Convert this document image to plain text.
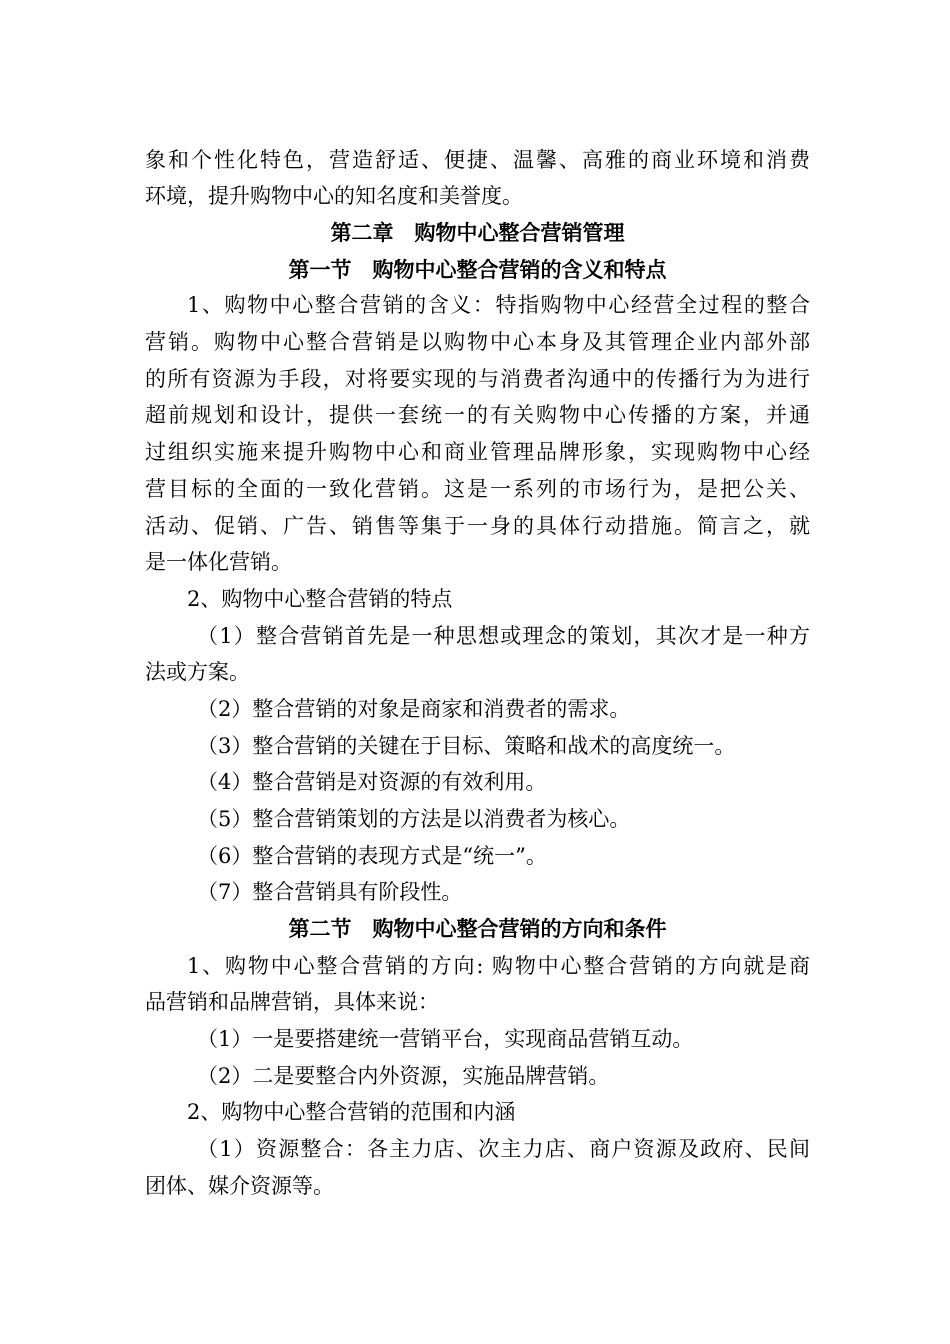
象和个性化特色，营造舒适、便捷、温馨、高雅的商业环境和消费
环境，提升购物中心的知名度和美誉度。
第二章　购物中心整合营销管理
第一节　购物中心整合营销的含义和特点
1、购物中心整合营销的含义：特指购物中心经营全过程的整合
营销。购物中心整合营销是以购物中心本身及其管理企业内部外部
的所有资源为手段，对将要实现的与消费者沟通中的传播行为为进行
超前规划和设计，提供一套统一的有关购物中心传播的方案，并通
过组织实施来提升购物中心和商业管理品牌形象，实现购物中心经
营目标的全面的一致化营销。这是一系列的市场行为，是把公关、
活动、促销、广告、销售等集于一身的具体行动措施。简言之，就
是一体化营销。
2、购物中心整合营销的特点
（1）整合营销首先是一种思想或理念的策划，其次才是一种方
法或方案。
（2）整合营销的对象是商家和消费者的需求。
（3）整合营销的关键在于目标、策略和战术的高度统一。
（4）整合营销是对资源的有效利用。
（5）整合营销策划的方法是以消费者为核心。
（6）整合营销的表现方式是“统一”。
（7）整合营销具有阶段性。
第二节　购物中心整合营销的方向和条件
1、购物中心整合营销的方向: 购物中心整合营销的方向就是商
品营销和品牌营销，具体来说：
（1）一是要搭建统一营销平台，实现商品营销互动。
（2）二是要整合内外资源，实施品牌营销。
2、购物中心整合营销的范围和内涵
（1）资源整合：各主力店、次主力店、商户资源及政府、民间
团体、媒介资源等。
